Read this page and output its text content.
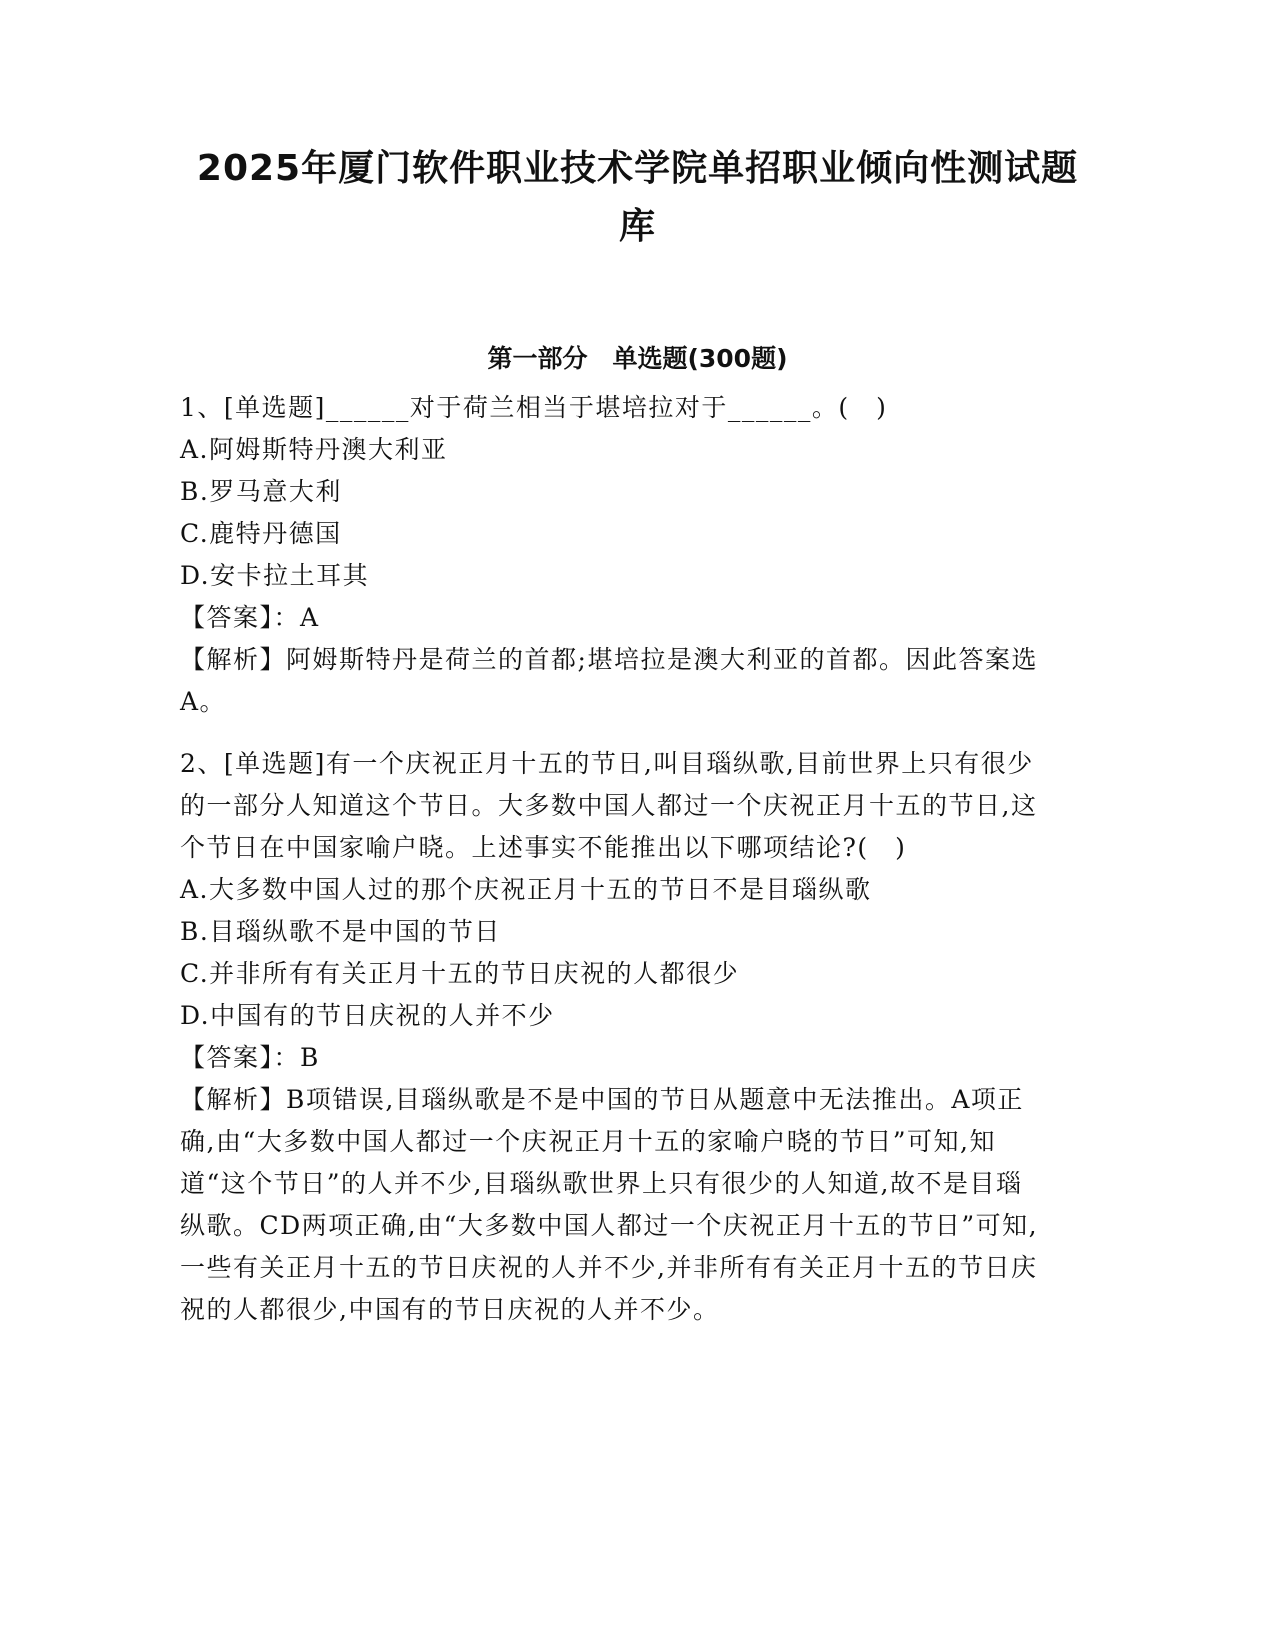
2025年厦门软件职业技术学院单招职业倾向性测试题库
第一部分　单选题(300题)

1、[单选题]______对于荷兰相当于堪培拉对于______。(　)

A.阿姆斯特丹澳大利亚

B.罗马意大利

C.鹿特丹德国

D.安卡拉土耳其

【答案】：A

【解析】阿姆斯特丹是荷兰的首都;堪培拉是澳大利亚的首都。因此答案选A。

2、[单选题]有一个庆祝正月十五的节日,叫目瑙纵歌,目前世界上只有很少的一部分人知道这个节日。大多数中国人都过一个庆祝正月十五的节日,这个节日在中国家喻户晓。上述事实不能推出以下哪项结论?(　)

A.大多数中国人过的那个庆祝正月十五的节日不是目瑙纵歌

B.目瑙纵歌不是中国的节日

C.并非所有有关正月十五的节日庆祝的人都很少

D.中国有的节日庆祝的人并不少

【答案】：B

【解析】B项错误,目瑙纵歌是不是中国的节日从题意中无法推出。A项正确,由“大多数中国人都过一个庆祝正月十五的家喻户晓的节日”可知,知道“这个节日”的人并不少,目瑙纵歌世界上只有很少的人知道,故不是目瑙纵歌。CD两项正确,由“大多数中国人都过一个庆祝正月十五的节日”可知,一些有关正月十五的节日庆祝的人并不少,并非所有有关正月十五的节日庆祝的人都很少,中国有的节日庆祝的人并不少。
